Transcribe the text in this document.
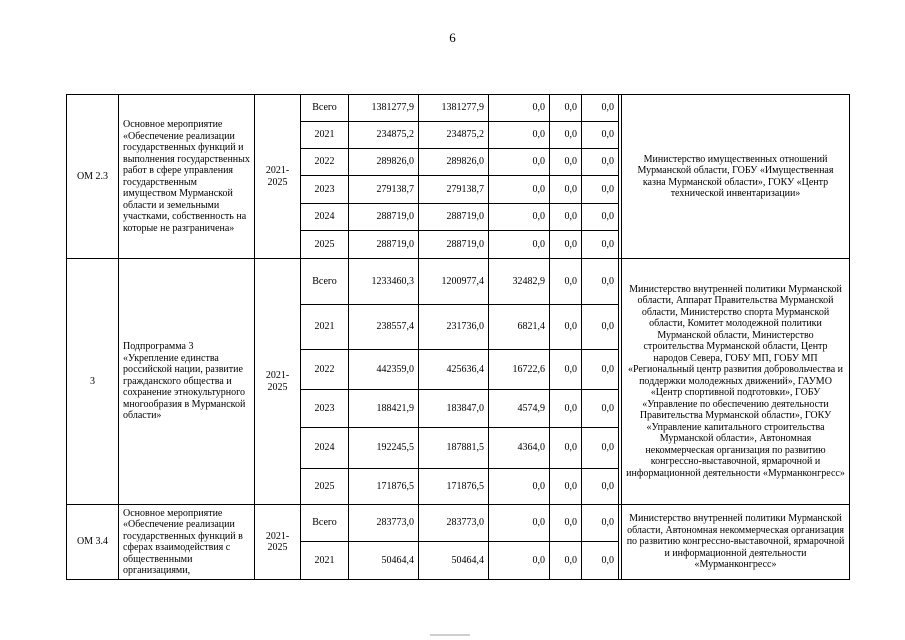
6
ОМ 2.3	Основное мероприятие «Обеспечение реализации государственных функций и выполнения государственных работ в сфере управления государственным имуществом Мурманской области и земельными участками, собственность на которые не разграничена»	2021-2025	Всего	1381277,9	1381277,9	0,0	0,0	0,0		Министерство имущественных отношений Мурманской области, ГОБУ «Имущественная казна Мурманской области», ГОКУ «Центр технической инвентаризации»
			2021	234875,2	234875,2	0,0	0,0	0,0		
			2022	289826,0	289826,0	0,0	0,0	0,0		
			2023	279138,7	279138,7	0,0	0,0	0,0		
			2024	288719,0	288719,0	0,0	0,0	0,0		
			2025	288719,0	288719,0	0,0	0,0	0,0		
3	Подпрограмма 3 «Укрепление единства российской нации, развитие гражданского общества и сохранение этнокультурного многообразия в Мурманской области»	2021-2025	Всего	1233460,3	1200977,4	32482,9	0,0	0,0		Министерство внутренней политики Мурманской области, Аппарат Правительства Мурманской области, Министерство спорта Мурманской области, Комитет молодежной политики Мурманской области, Министерство строительства Мурманской области, Центр народов Севера, ГОБУ МП, ГОБУ МП «Региональный центр развития добровольчества и поддержки молодежных движений», ГАУМО «Центр спортивной подготовки», ГОБУ «Управление по обеспечению деятельности Правительства Мурманской области», ГОКУ «Управление капитального строительства Мурманской области», Автономная некоммерческая организация по развитию конгрессно-выставочной, ярмарочной и информационной деятельности «Мурманконгресс»
			2021	238557,4	231736,0	6821,4	0,0	0,0		
			2022	442359,0	425636,4	16722,6	0,0	0,0		
			2023	188421,9	183847,0	4574,9	0,0	0,0		
			2024	192245,5	187881,5	4364,0	0,0	0,0		
			2025	171876,5	171876,5	0,0	0,0	0,0		
ОМ 3.4	Основное мероприятие «Обеспечение реализации государственных функций в сферах взаимодействия с общественными организациями,	2021-2025	Всего	283773,0	283773,0	0,0	0,0	0,0		Министерство внутренней политики Мурманской области, Автономная некоммерческая организация по развитию конгрессно-выставочной, ярмарочной и информационной деятельности «Мурманконгресс»
			2021	50464,4	50464,4	0,0	0,0	0,0		
